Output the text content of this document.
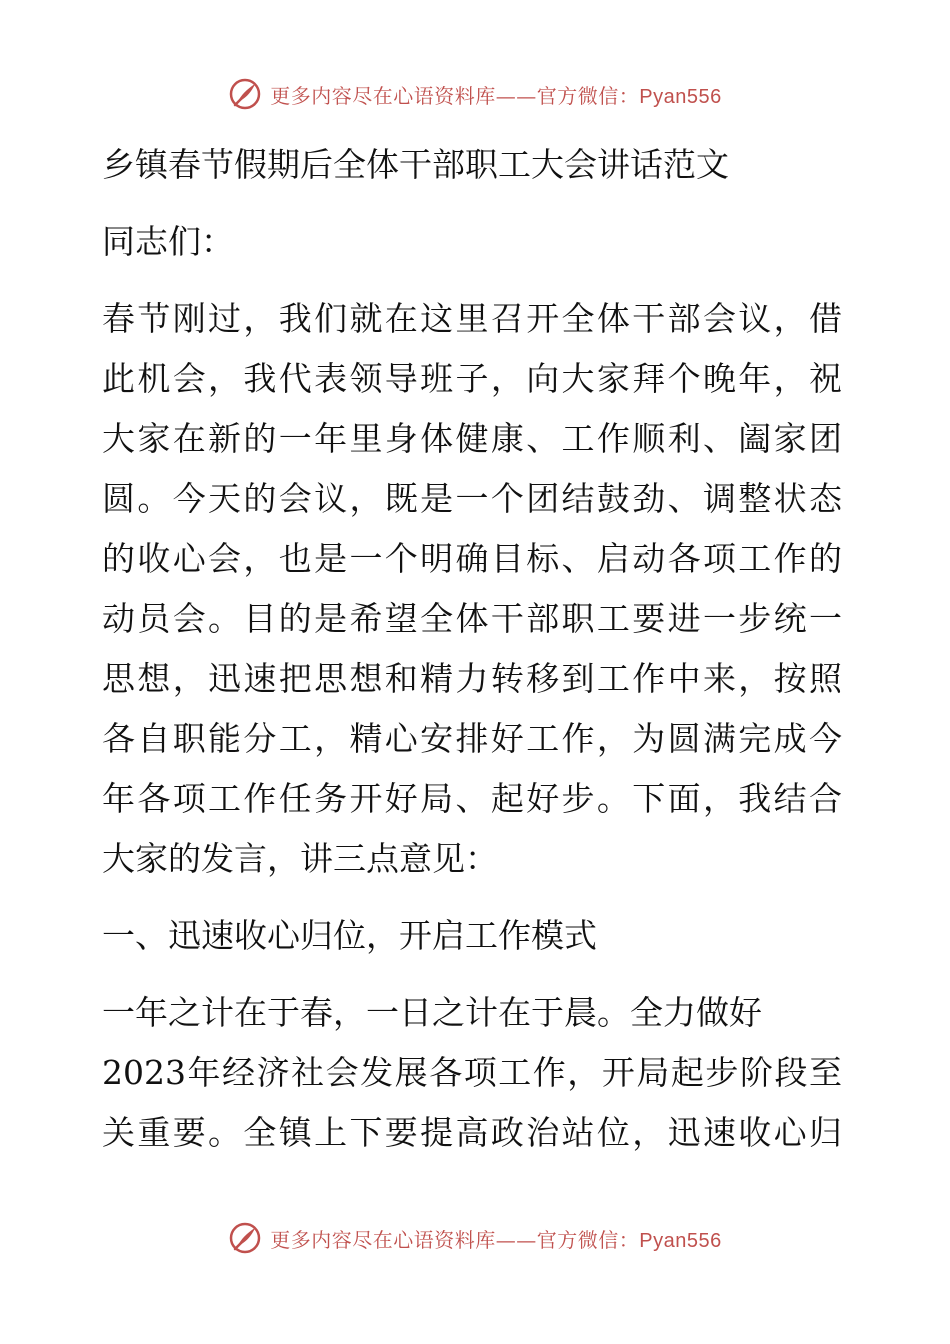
更多内容尽在心语资料库——官方微信：Pyan556
乡镇春节假期后全体干部职工大会讲话范文
同志们：
春节刚过，我们就在这里召开全体干部会议，借
此机会，我代表领导班子，向大家拜个晚年，祝
大家在新的一年里身体健康、工作顺利、阖家团
圆。今天的会议，既是一个团结鼓劲、调整状态
的收心会，也是一个明确目标、启动各项工作的
动员会。目的是希望全体干部职工要进一步统一
思想，迅速把思想和精力转移到工作中来，按照
各自职能分工，精心安排好工作，为圆满完成今
年各项工作任务开好局、起好步。下面，我结合
大家的发言，讲三点意见：
一、迅速收心归位，开启工作模式
一年之计在于春，一日之计在于晨。全力做好
2023年经济社会发展各项工作，开局起步阶段至
关重要。全镇上下要提高政治站位，迅速收心归
更多内容尽在心语资料库——官方微信：Pyan556
